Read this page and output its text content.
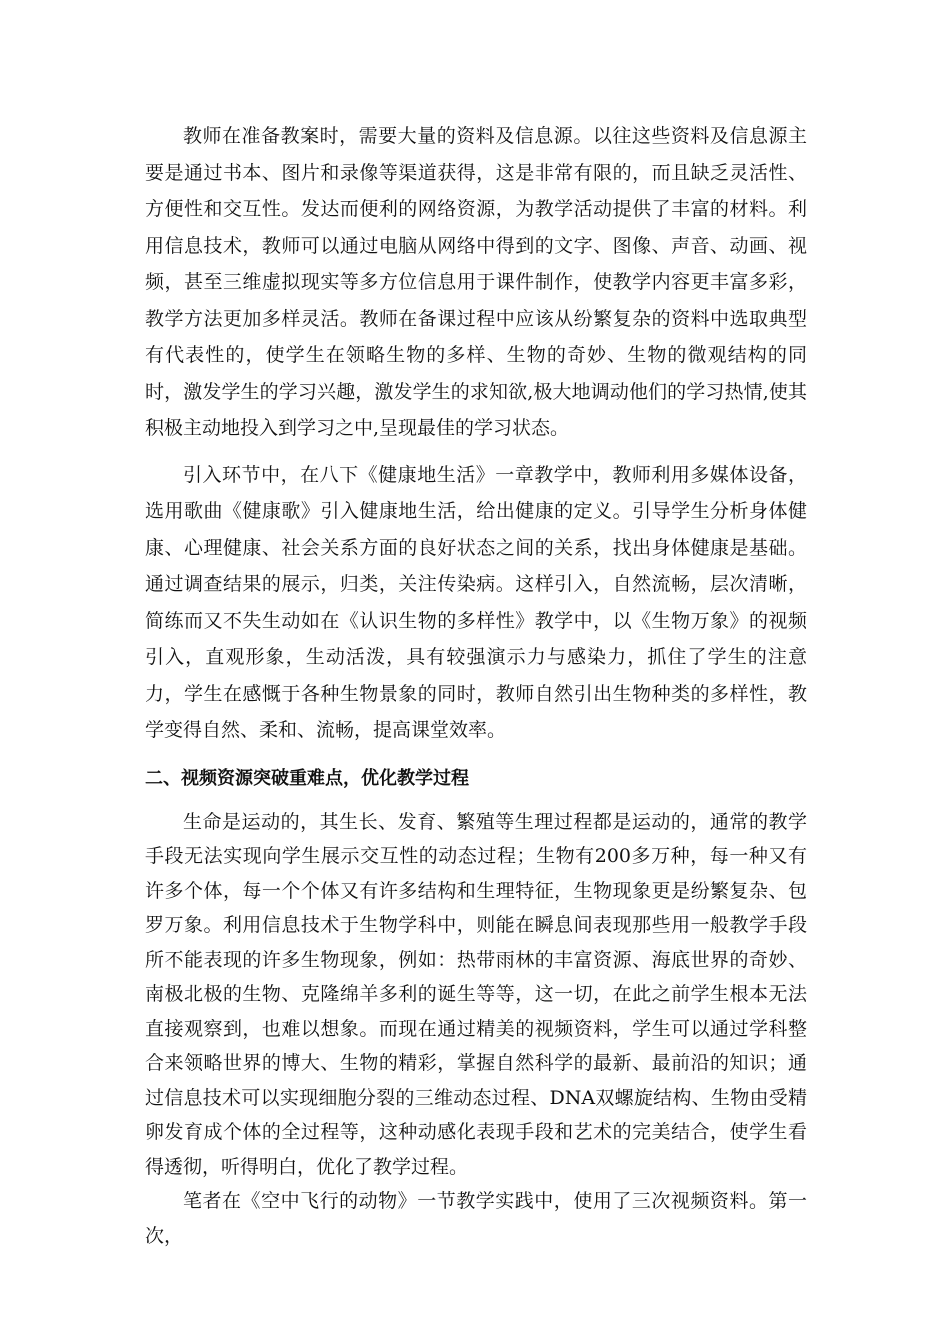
教师在准备教案时，需要大量的资料及信息源。以往这些资料及信息源主要是通过书本、图片和录像等渠道获得，这是非常有限的，而且缺乏灵活性、方便性和交互性。发达而便利的网络资源，为教学活动提供了丰富的材料。利用信息技术，教师可以通过电脑从网络中得到的文字、图像、声音、动画、视频，甚至三维虚拟现实等多方位信息用于课件制作，使教学内容更丰富多彩，教学方法更加多样灵活。教师在备课过程中应该从纷繁复杂的资料中选取典型有代表性的，使学生在领略生物的多样、生物的奇妙、生物的微观结构的同时，激发学生的学习兴趣，激发学生的求知欲,极大地调动他们的学习热情,使其积极主动地投入到学习之中,呈现最佳的学习状态。

引入环节中，在八下《健康地生活》一章教学中，教师利用多媒体设备，选用歌曲《健康歌》引入健康地生活，给出健康的定义。引导学生分析身体健康、心理健康、社会关系方面的良好状态之间的关系，找出身体健康是基础。通过调查结果的展示，归类，关注传染病。这样引入，自然流畅，层次清晰，简练而又不失生动如在《认识生物的多样性》教学中，以《生物万象》的视频引入，直观形象，生动活泼，具有较强演示力与感染力，抓住了学生的注意力，学生在感慨于各种生物景象的同时，教师自然引出生物种类的多样性，教学变得自然、柔和、流畅，提高课堂效率。

二、视频资源突破重难点，优化教学过程

生命是运动的，其生长、发育、繁殖等生理过程都是运动的，通常的教学手段无法实现向学生展示交互性的动态过程；生物有200多万种，每一种又有许多个体，每一个个体又有许多结构和生理特征，生物现象更是纷繁复杂、包罗万象。利用信息技术于生物学科中，则能在瞬息间表现那些用一般教学手段所不能表现的许多生物现象，例如：热带雨林的丰富资源、海底世界的奇妙、南极北极的生物、克隆绵羊多利的诞生等等，这一切，在此之前学生根本无法直接观察到，也难以想象。而现在通过精美的视频资料，学生可以通过学科整合来领略世界的博大、生物的精彩，掌握自然科学的最新、最前沿的知识；通过信息技术可以实现细胞分裂的三维动态过程、DNA双螺旋结构、生物由受精卵发育成个体的全过程等，这种动感化表现手段和艺术的完美结合，使学生看得透彻，听得明白，优化了教学过程。

笔者在《空中飞行的动物》一节教学实践中，使用了三次视频资料。第一次，
